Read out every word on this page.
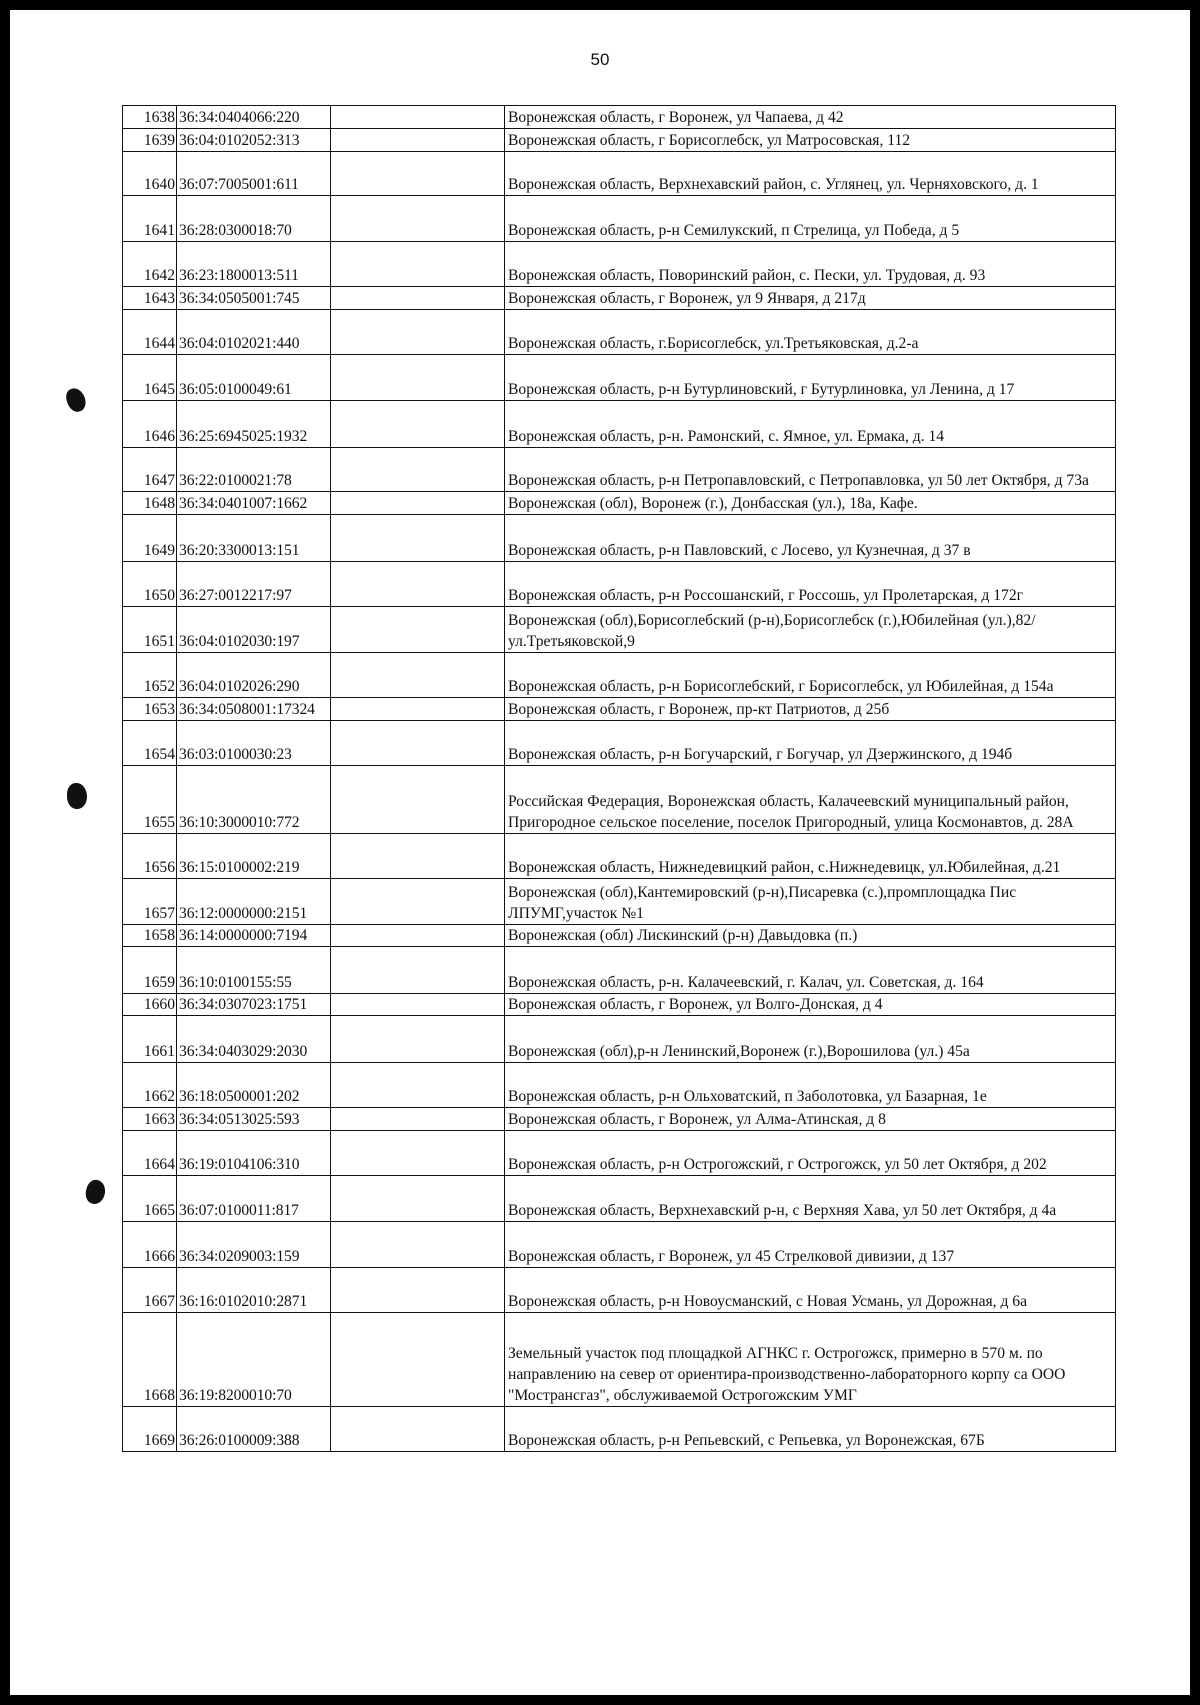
50
1638	36:34:0404066:220		Воронежская область, г Воронеж, ул Чапаева, д 42
1639	36:04:0102052:313		Воронежская область, г Борисоглебск, ул Матросовская, 112
1640	36:07:7005001:611		Воронежская область, Верхнехавский район, с. Углянец, ул. Черняховского, д. 1
1641	36:28:0300018:70		Воронежская область, р-н Семилукский, п Стрелица, ул Победа, д 5
1642	36:23:1800013:511		Воронежская область, Поворинский район, с. Пески, ул. Трудовая, д. 93
1643	36:34:0505001:745		Воронежская область, г Воронеж, ул 9 Января, д 217д
1644	36:04:0102021:440		Воронежская область, г.Борисоглебск, ул.Третьяковская, д.2-а
1645	36:05:0100049:61		Воронежская область, р-н Бутурлиновский, г Бутурлиновка, ул Ленина, д 17
1646	36:25:6945025:1932		Воронежская область, р-н. Рамонский, с. Ямное, ул. Ермака, д. 14
1647	36:22:0100021:78		Воронежская область, р-н Петропавловский, с Петропавловка, ул 50 лет Октября, д 73а
1648	36:34:0401007:1662		Воронежская (обл), Воронеж (г.), Донбасская (ул.), 18а, Кафе.
1649	36:20:3300013:151		Воронежская область, р-н Павловский, с Лосево, ул Кузнечная, д 37 в
1650	36:27:0012217:97		Воронежская область, р-н Россошанский, г Россошь, ул Пролетарская, д 172г
1651	36:04:0102030:197		Воронежская (обл),Борисоглебский (р-н),Борисоглебск (г.),Юбилейная (ул.),82/ул.Третьяковской,9
1652	36:04:0102026:290		Воронежская область, р-н Борисоглебский, г Борисоглебск, ул Юбилейная, д 154а
1653	36:34:0508001:17324		Воронежская область, г Воронеж, пр-кт Патриотов, д 25б
1654	36:03:0100030:23		Воронежская область, р-н Богучарский, г Богучар, ул Дзержинского, д 194б
1655	36:10:3000010:772		Российская Федерация, Воронежская область, Калачеевский муниципальный район, Пригородное сельское поселение, поселок Пригородный, улица Космонавтов, д. 28А
1656	36:15:0100002:219		Воронежская область, Нижнедевицкий район, с.Нижнедевицк, ул.Юбилейная, д.21
1657	36:12:0000000:2151		Воронежская (обл),Кантемировский (р-н),Писаревка (с.),промплощадка Пис ЛПУМГ,участок №1
1658	36:14:0000000:7194		Воронежская (обл) Лискинский (р-н) Давыдовка (п.)
1659	36:10:0100155:55		Воронежская область, р-н. Калачеевский, г. Калач, ул. Советская, д. 164
1660	36:34:0307023:1751		Воронежская область, г Воронеж, ул Волго-Донская, д 4
1661	36:34:0403029:2030		Воронежская (обл),р-н Ленинский,Воронеж (г.),Ворошилова (ул.) 45а
1662	36:18:0500001:202		Воронежская область, р-н Ольховатский, п Заболотовка, ул Базарная, 1е
1663	36:34:0513025:593		Воронежская область, г Воронеж, ул Алма-Атинская, д 8
1664	36:19:0104106:310		Воронежская область, р-н Острогожский, г Острогожск, ул 50 лет Октября, д 202
1665	36:07:0100011:817		Воронежская область, Верхнехавский р-н, с Верхняя Хава, ул 50 лет Октября, д 4а
1666	36:34:0209003:159		Воронежская область, г Воронеж, ул 45 Стрелковой дивизии, д 137
1667	36:16:0102010:2871		Воронежская область, р-н Новоусманский, с Новая Усмань, ул Дорожная, д 6а
1668	36:19:8200010:70		Земельный участок под площадкой АГНКС г. Острогожск, примерно в 570 м. по направлению на север от ориентира-производственно-лабораторного корпу са ООО "Мострансгаз", обслуживаемой Острогожским УМГ
1669	36:26:0100009:388		Воронежская область, р-н Репьевский, с Репьевка, ул Воронежская, 67Б
